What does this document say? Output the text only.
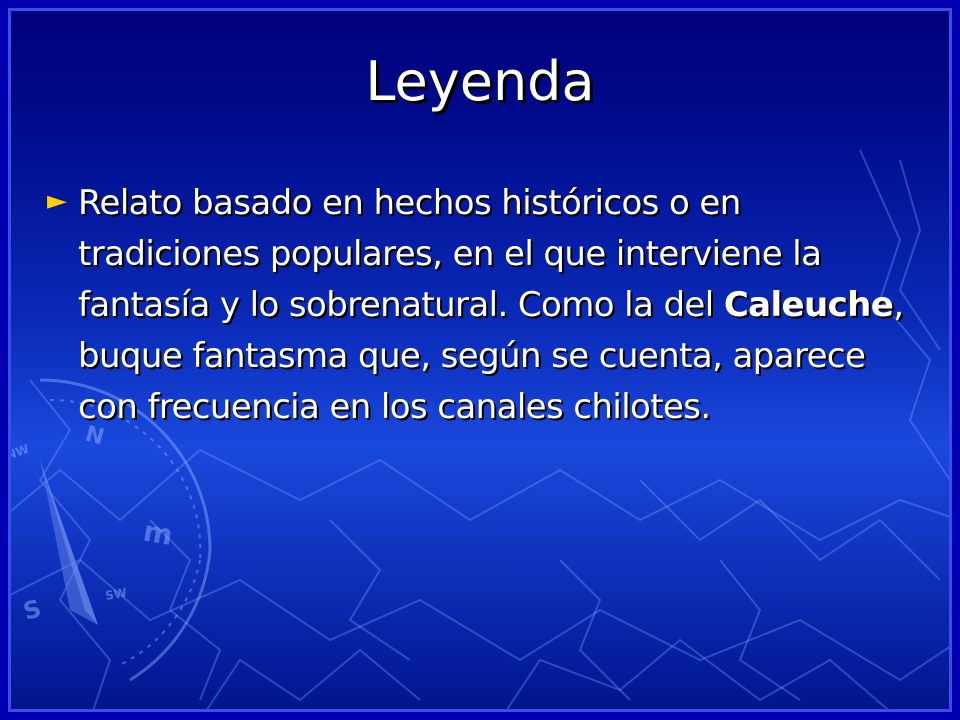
N
NW
S
SW
m
Leyenda
► Relato basado en hechos históricos o en tradiciones populares, en el que interviene la fantasía y lo sobrenatural. Como la del Caleuche, buque fantasma que, según se cuenta, aparece con frecuencia en los canales chilotes.
